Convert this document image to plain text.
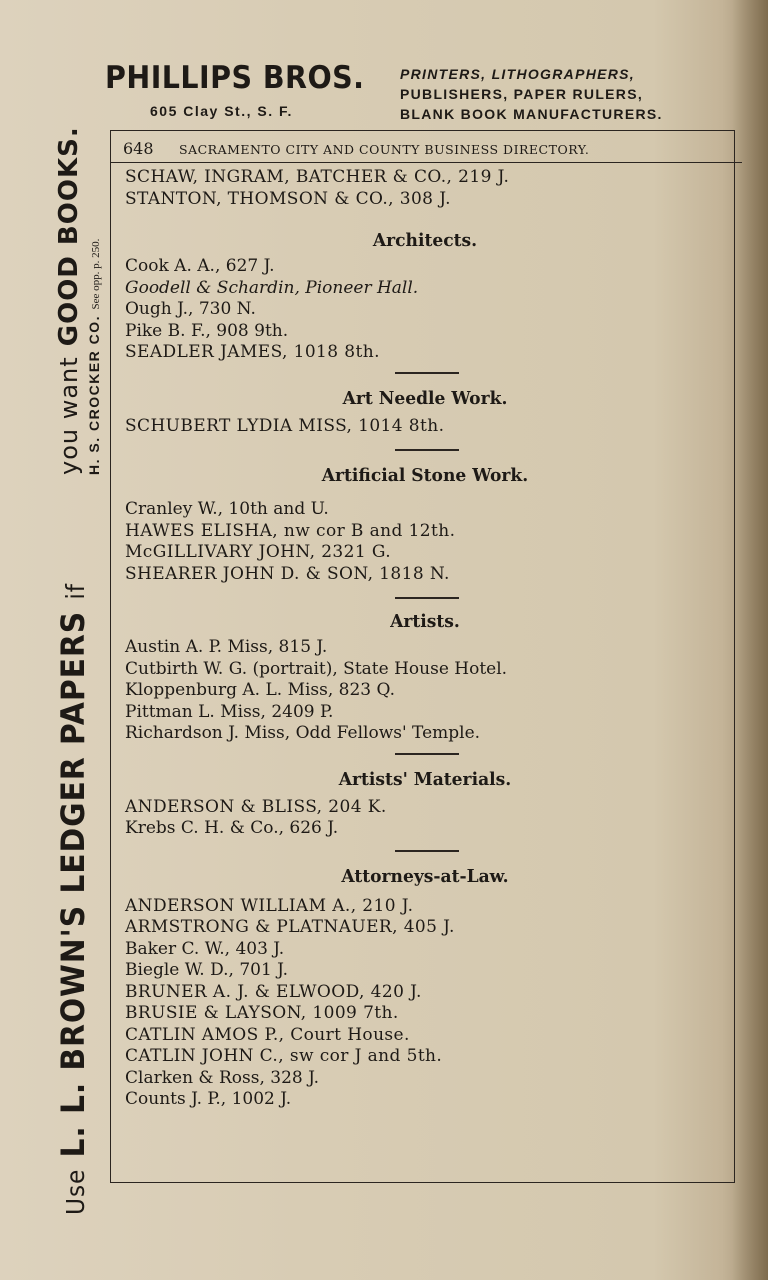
PHILLIPS BROS.
605 Clay St., S. F.
PRINTERS, LITHOGRAPHERS,
PUBLISHERS, PAPER RULERS,
BLANK BOOK MANUFACTURERS.
Use L. L. BROWN'S LEDGER PAPERS if
you want GOOD BOOKS.
H. S. CROCKER CO. See opp. p. 250.
648 SACRAMENTO CITY AND COUNTY BUSINESS DIRECTORY.
SCHAW, INGRAM, BATCHER & CO., 219 J.
STANTON, THOMSON & CO., 308 J.
Architects.
Cook A. A., 627 J.
Goodell & Schardin, Pioneer Hall.
Ough J., 730 N.
Pike B. F., 908 9th.
SEADLER JAMES, 1018 8th.
Art Needle Work.
SCHUBERT LYDIA MISS, 1014 8th.
Artificial Stone Work.
Cranley W., 10th and U.
HAWES ELISHA, nw cor B and 12th.
McGILLIVARY JOHN, 2321 G.
SHEARER JOHN D. & SON, 1818 N.
Artists.
Austin A. P. Miss, 815 J.
Cutbirth W. G. (portrait), State House Hotel.
Kloppenburg A. L. Miss, 823 Q.
Pittman L. Miss, 2409 P.
Richardson J. Miss, Odd Fellows' Temple.
Artists' Materials.
ANDERSON & BLISS, 204 K.
Krebs C. H. & Co., 626 J.
Attorneys-at-Law.
ANDERSON WILLIAM A., 210 J.
ARMSTRONG & PLATNAUER, 405 J.
Baker C. W., 403 J.
Biegle W. D., 701 J.
BRUNER A. J. & ELWOOD, 420 J.
BRUSIE & LAYSON, 1009 7th.
CATLIN AMOS P., Court House.
CATLIN JOHN C., sw cor J and 5th.
Clarken & Ross, 328 J.
Counts J. P., 1002 J.
